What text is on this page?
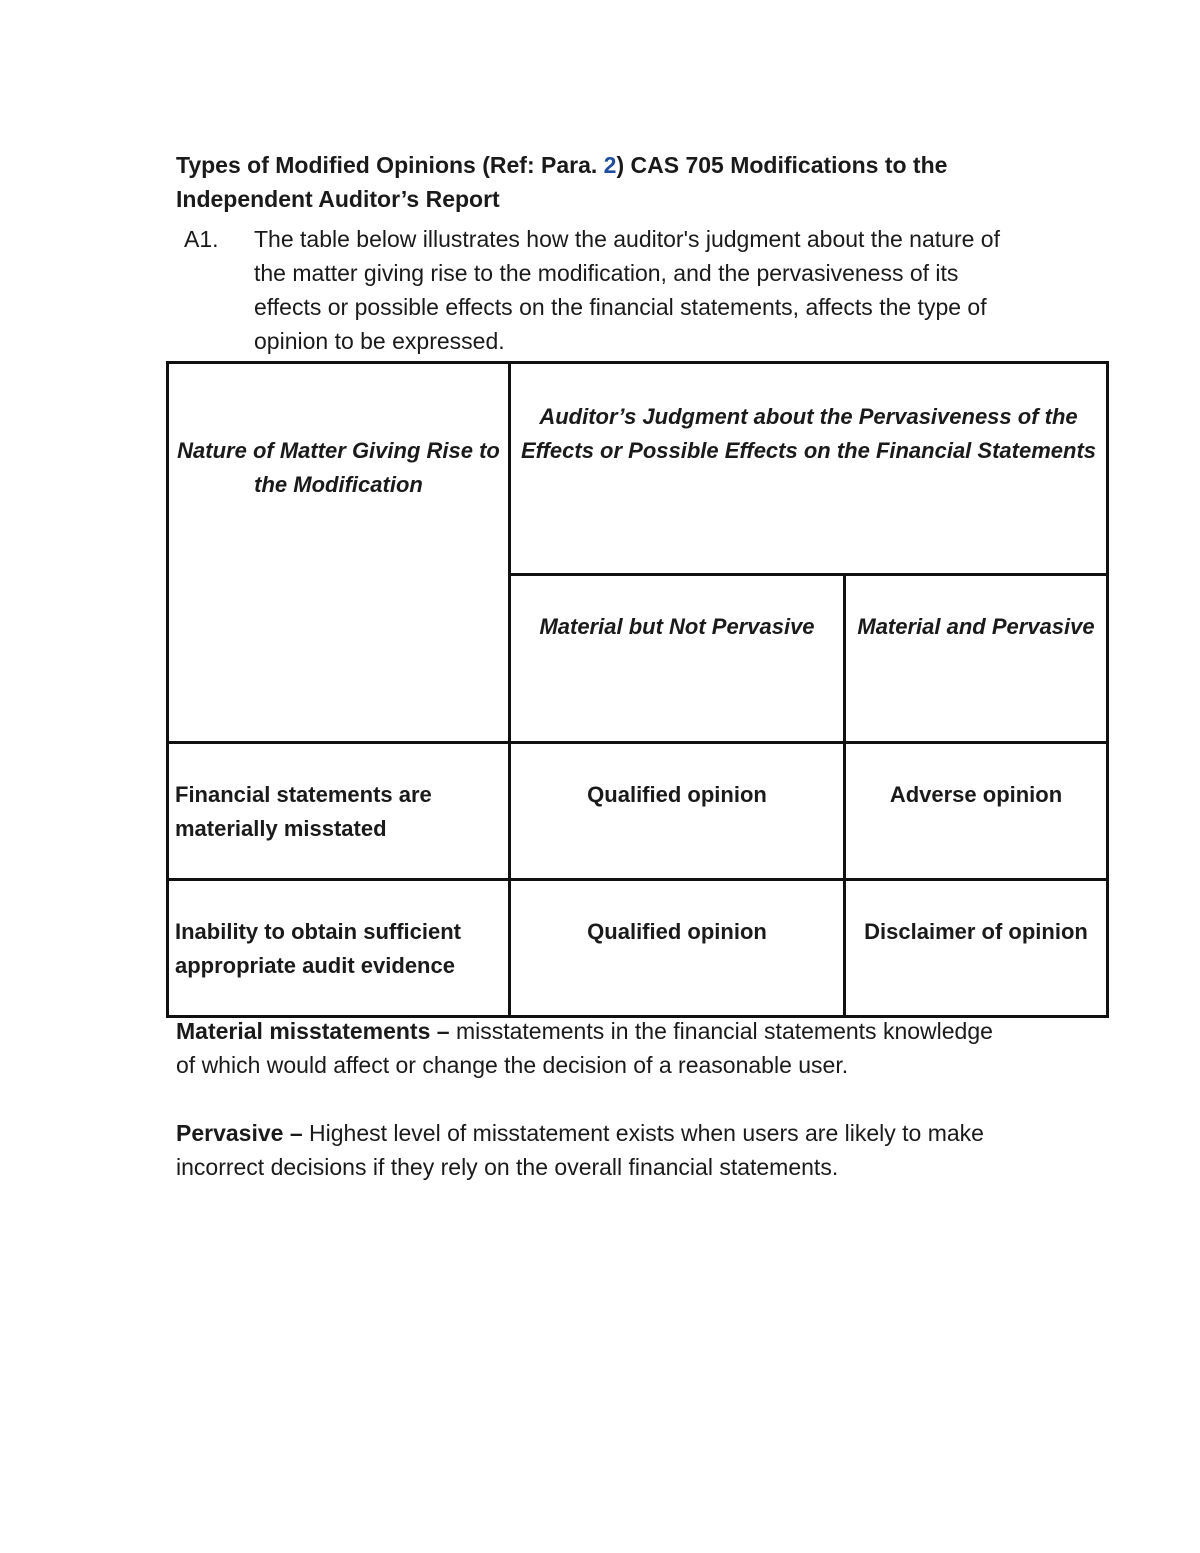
Types of Modified Opinions (Ref: Para. 2) CAS 705 Modifications to the Independent Auditor’s Report
A1.	The table below illustrates how the auditor's judgment about the nature of the matter giving rise to the modification, and the pervasiveness of its effects or possible effects on the financial statements, affects the type of opinion to be expressed.
Nature of Matter Giving Rise to the Modification	Auditor’s Judgment about the Pervasiveness of the Effects or Possible Effects on the Financial Statements	
	Material but Not Pervasive	Material and Pervasive
Financial statements are materially misstated	Qualified opinion	Adverse opinion
Inability to obtain sufficient appropriate audit evidence	Qualified opinion	Disclaimer of opinion

Material misstatements – misstatements in the financial statements knowledge of which would affect or change the decision of a reasonable user.

Pervasive – Highest level of misstatement exists when users are likely to make incorrect decisions if they rely on the overall financial statements.
